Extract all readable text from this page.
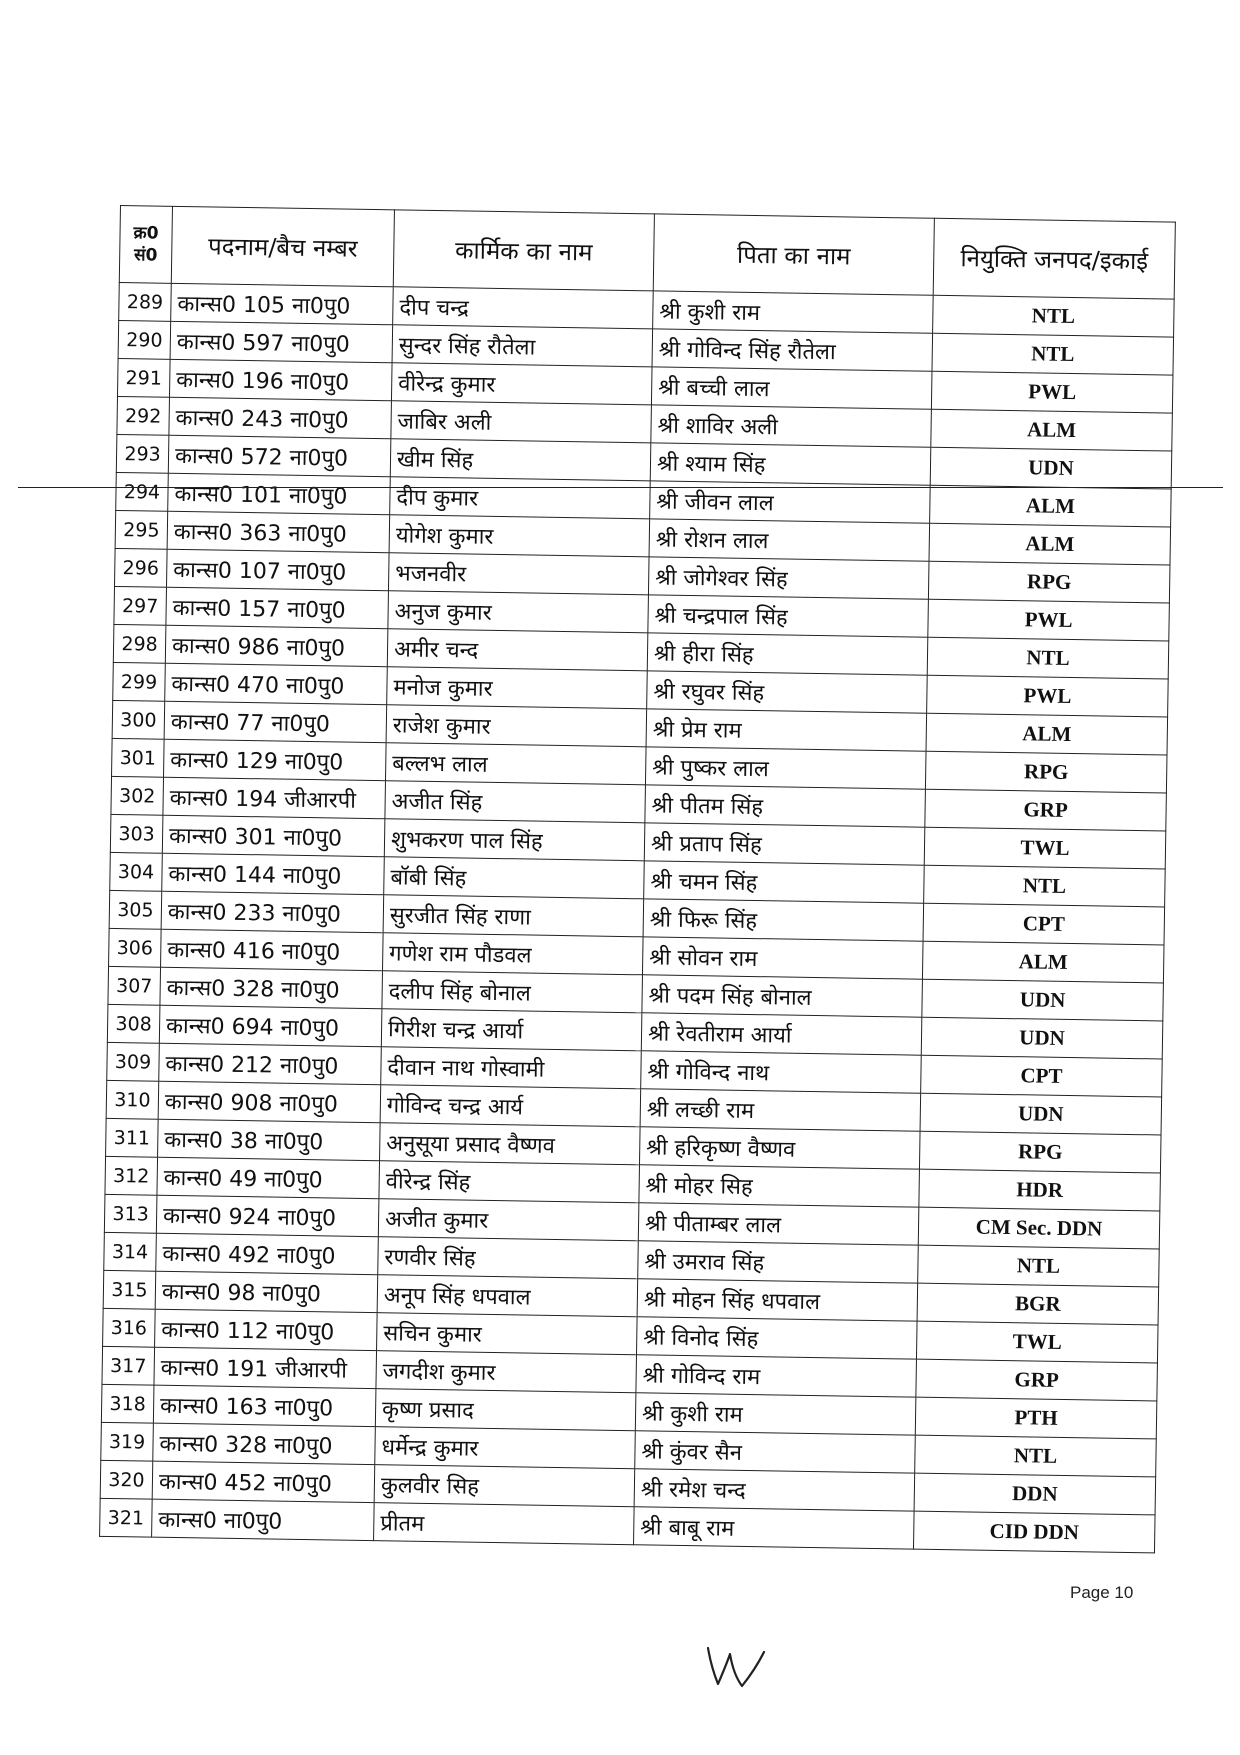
क्र0
सं0	पदनाम/बैच नम्बर	कार्मिक का नाम	पिता का नाम	नियुक्ति जनपद/इकाई
289	कान्स0 105 ना0पु0	दीप चन्द्र	श्री कुशी राम	NTL
290	कान्स0 597 ना0पु0	सुन्दर सिंह रौतेला	श्री गोविन्द सिंह रौतेला	NTL
291	कान्स0 196 ना0पु0	वीरेन्द्र कुमार	श्री बच्ची लाल	PWL
292	कान्स0 243 ना0पु0	जाबिर अली	श्री शाविर अली	ALM
293	कान्स0 572 ना0पु0	खीम सिंह	श्री श्याम सिंह	UDN
294	कान्स0 101 ना0पु0	दीप कुमार	श्री जीवन लाल	ALM
295	कान्स0 363 ना0पु0	योगेश कुमार	श्री रोशन लाल	ALM
296	कान्स0 107 ना0पु0	भजनवीर	श्री जोगेश्वर सिंह	RPG
297	कान्स0 157 ना0पु0	अनुज कुमार	श्री चन्द्रपाल सिंह	PWL
298	कान्स0 986 ना0पु0	अमीर चन्द	श्री हीरा सिंह	NTL
299	कान्स0 470 ना0पु0	मनोज कुमार	श्री रघुवर सिंह	PWL
300	कान्स0 77 ना0पु0	राजेश कुमार	श्री प्रेम राम	ALM
301	कान्स0 129 ना0पु0	बल्लभ लाल	श्री पुष्कर लाल	RPG
302	कान्स0 194 जीआरपी	अजीत सिंह	श्री पीतम सिंह	GRP
303	कान्स0 301 ना0पु0	शुभकरण पाल सिंह	श्री प्रताप सिंह	TWL
304	कान्स0 144 ना0पु0	बॉबी सिंह	श्री चमन सिंह	NTL
305	कान्स0 233 ना0पु0	सुरजीत सिंह राणा	श्री फिरू सिंह	CPT
306	कान्स0 416 ना0पु0	गणेश राम पौडवल	श्री सोवन राम	ALM
307	कान्स0 328 ना0पु0	दलीप सिंह बोनाल	श्री पदम सिंह बोनाल	UDN
308	कान्स0 694 ना0पु0	गिरीश चन्द्र आर्या	श्री रेवतीराम आर्या	UDN
309	कान्स0 212 ना0पु0	दीवान नाथ गोस्वामी	श्री गोविन्द नाथ	CPT
310	कान्स0 908 ना0पु0	गोविन्द चन्द्र आर्य	श्री लच्छी राम	UDN
311	कान्स0 38 ना0पु0	अनुसूया प्रसाद वैष्णव	श्री हरिकृष्ण वैष्णव	RPG
312	कान्स0 49 ना0पु0	वीरेन्द्र सिंह	श्री मोहर सिह	HDR
313	कान्स0 924 ना0पु0	अजीत कुमार	श्री पीताम्बर लाल	CM Sec. DDN
314	कान्स0 492 ना0पु0	रणवीर सिंह	श्री उमराव सिंह	NTL
315	कान्स0 98 ना0पु0	अनूप सिंह धपवाल	श्री मोहन सिंह धपवाल	BGR
316	कान्स0 112 ना0पु0	सचिन कुमार	श्री विनोद सिंह	TWL
317	कान्स0 191 जीआरपी	जगदीश कुमार	श्री गोविन्द राम	GRP
318	कान्स0 163 ना0पु0	कृष्ण प्रसाद	श्री कुशी राम	PTH
319	कान्स0 328 ना0पु0	धर्मेन्द्र कुमार	श्री कुंवर सैन	NTL
320	कान्स0 452 ना0पु0	कुलवीर सिह	श्री रमेश चन्द	DDN
321	कान्स0 ना0पु0	प्रीतम	श्री बाबू राम	CID DDN
Page 10
